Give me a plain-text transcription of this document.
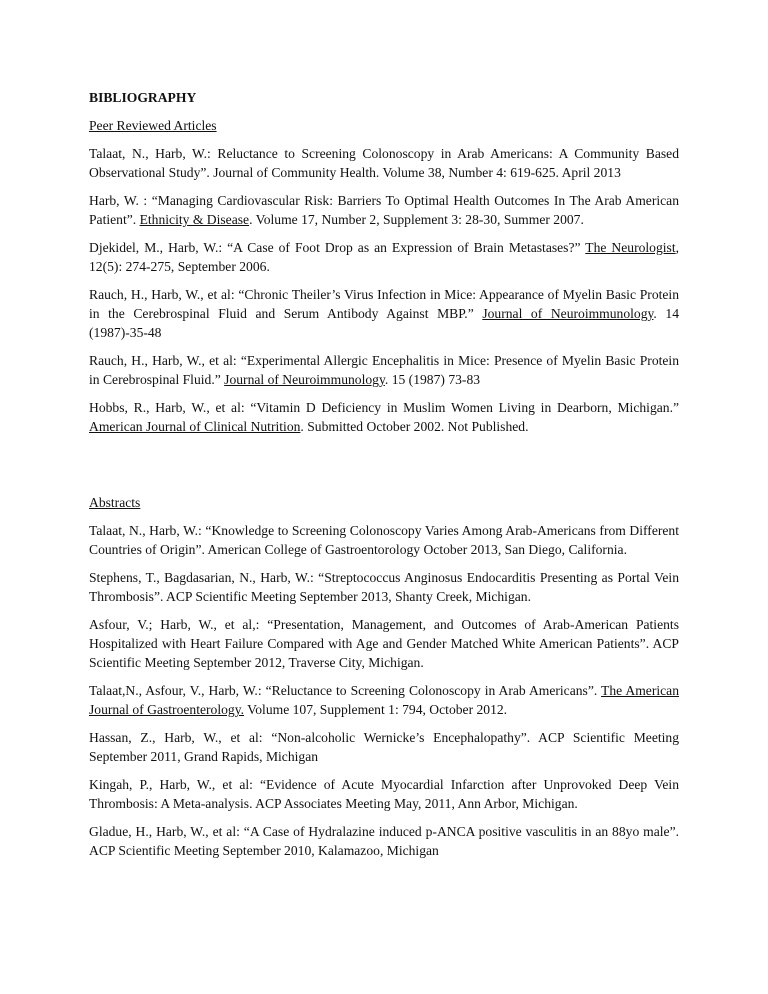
BIBLIOGRAPHY
Peer Reviewed Articles
Talaat, N., Harb, W.: Reluctance to Screening Colonoscopy in Arab Americans: A Community Based Observational Study”. Journal of Community Health. Volume 38, Number 4: 619-625. April 2013
Harb, W. : “Managing Cardiovascular Risk: Barriers To Optimal Health Outcomes In The Arab American Patient”. Ethnicity & Disease. Volume 17, Number 2, Supplement 3: 28-30, Summer 2007.
Djekidel, M., Harb, W.: “A Case of Foot Drop as an Expression of Brain Metastases?” The Neurologist, 12(5): 274-275, September 2006.
Rauch, H., Harb, W., et al: “Chronic Theiler’s Virus Infection in Mice: Appearance of Myelin Basic Protein in the Cerebrospinal Fluid and Serum Antibody Against MBP.” Journal of Neuroimmunology. 14 (1987)-35-48
Rauch, H., Harb, W., et al: “Experimental Allergic Encephalitis in Mice: Presence of Myelin Basic Protein in Cerebrospinal Fluid.” Journal of Neuroimmunology. 15 (1987) 73-83
Hobbs, R., Harb, W., et al: “Vitamin D Deficiency in Muslim Women Living in Dearborn, Michigan.” American Journal of Clinical Nutrition. Submitted October 2002. Not Published.
Abstracts
Talaat, N., Harb, W.: “Knowledge to Screening Colonoscopy Varies Among Arab-Americans from Different Countries of Origin”. American College of Gastroentorology October 2013, San Diego, California.
Stephens, T., Bagdasarian, N., Harb, W.: “Streptococcus Anginosus Endocarditis Presenting as Portal Vein Thrombosis”. ACP Scientific Meeting September 2013, Shanty Creek, Michigan.
Asfour, V.; Harb, W., et al,: “Presentation, Management, and Outcomes of Arab-American Patients Hospitalized with Heart Failure Compared with Age and Gender Matched White American Patients”. ACP Scientific Meeting September 2012, Traverse City, Michigan.
Talaat,N., Asfour, V., Harb, W.: “Reluctance to Screening Colonoscopy in Arab Americans”. The American Journal of Gastroenterology. Volume 107, Supplement 1: 794, October 2012.
Hassan, Z., Harb, W., et al: “Non-alcoholic Wernicke’s Encephalopathy”. ACP Scientific Meeting September 2011, Grand Rapids, Michigan
Kingah, P., Harb, W., et al: “Evidence of Acute Myocardial Infarction after Unprovoked Deep Vein Thrombosis: A Meta-analysis. ACP Associates Meeting May, 2011, Ann Arbor, Michigan.
Gladue, H., Harb, W., et al: “A Case of Hydralazine induced p-ANCA positive vasculitis in an 88yo male”. ACP Scientific Meeting September 2010, Kalamazoo, Michigan
